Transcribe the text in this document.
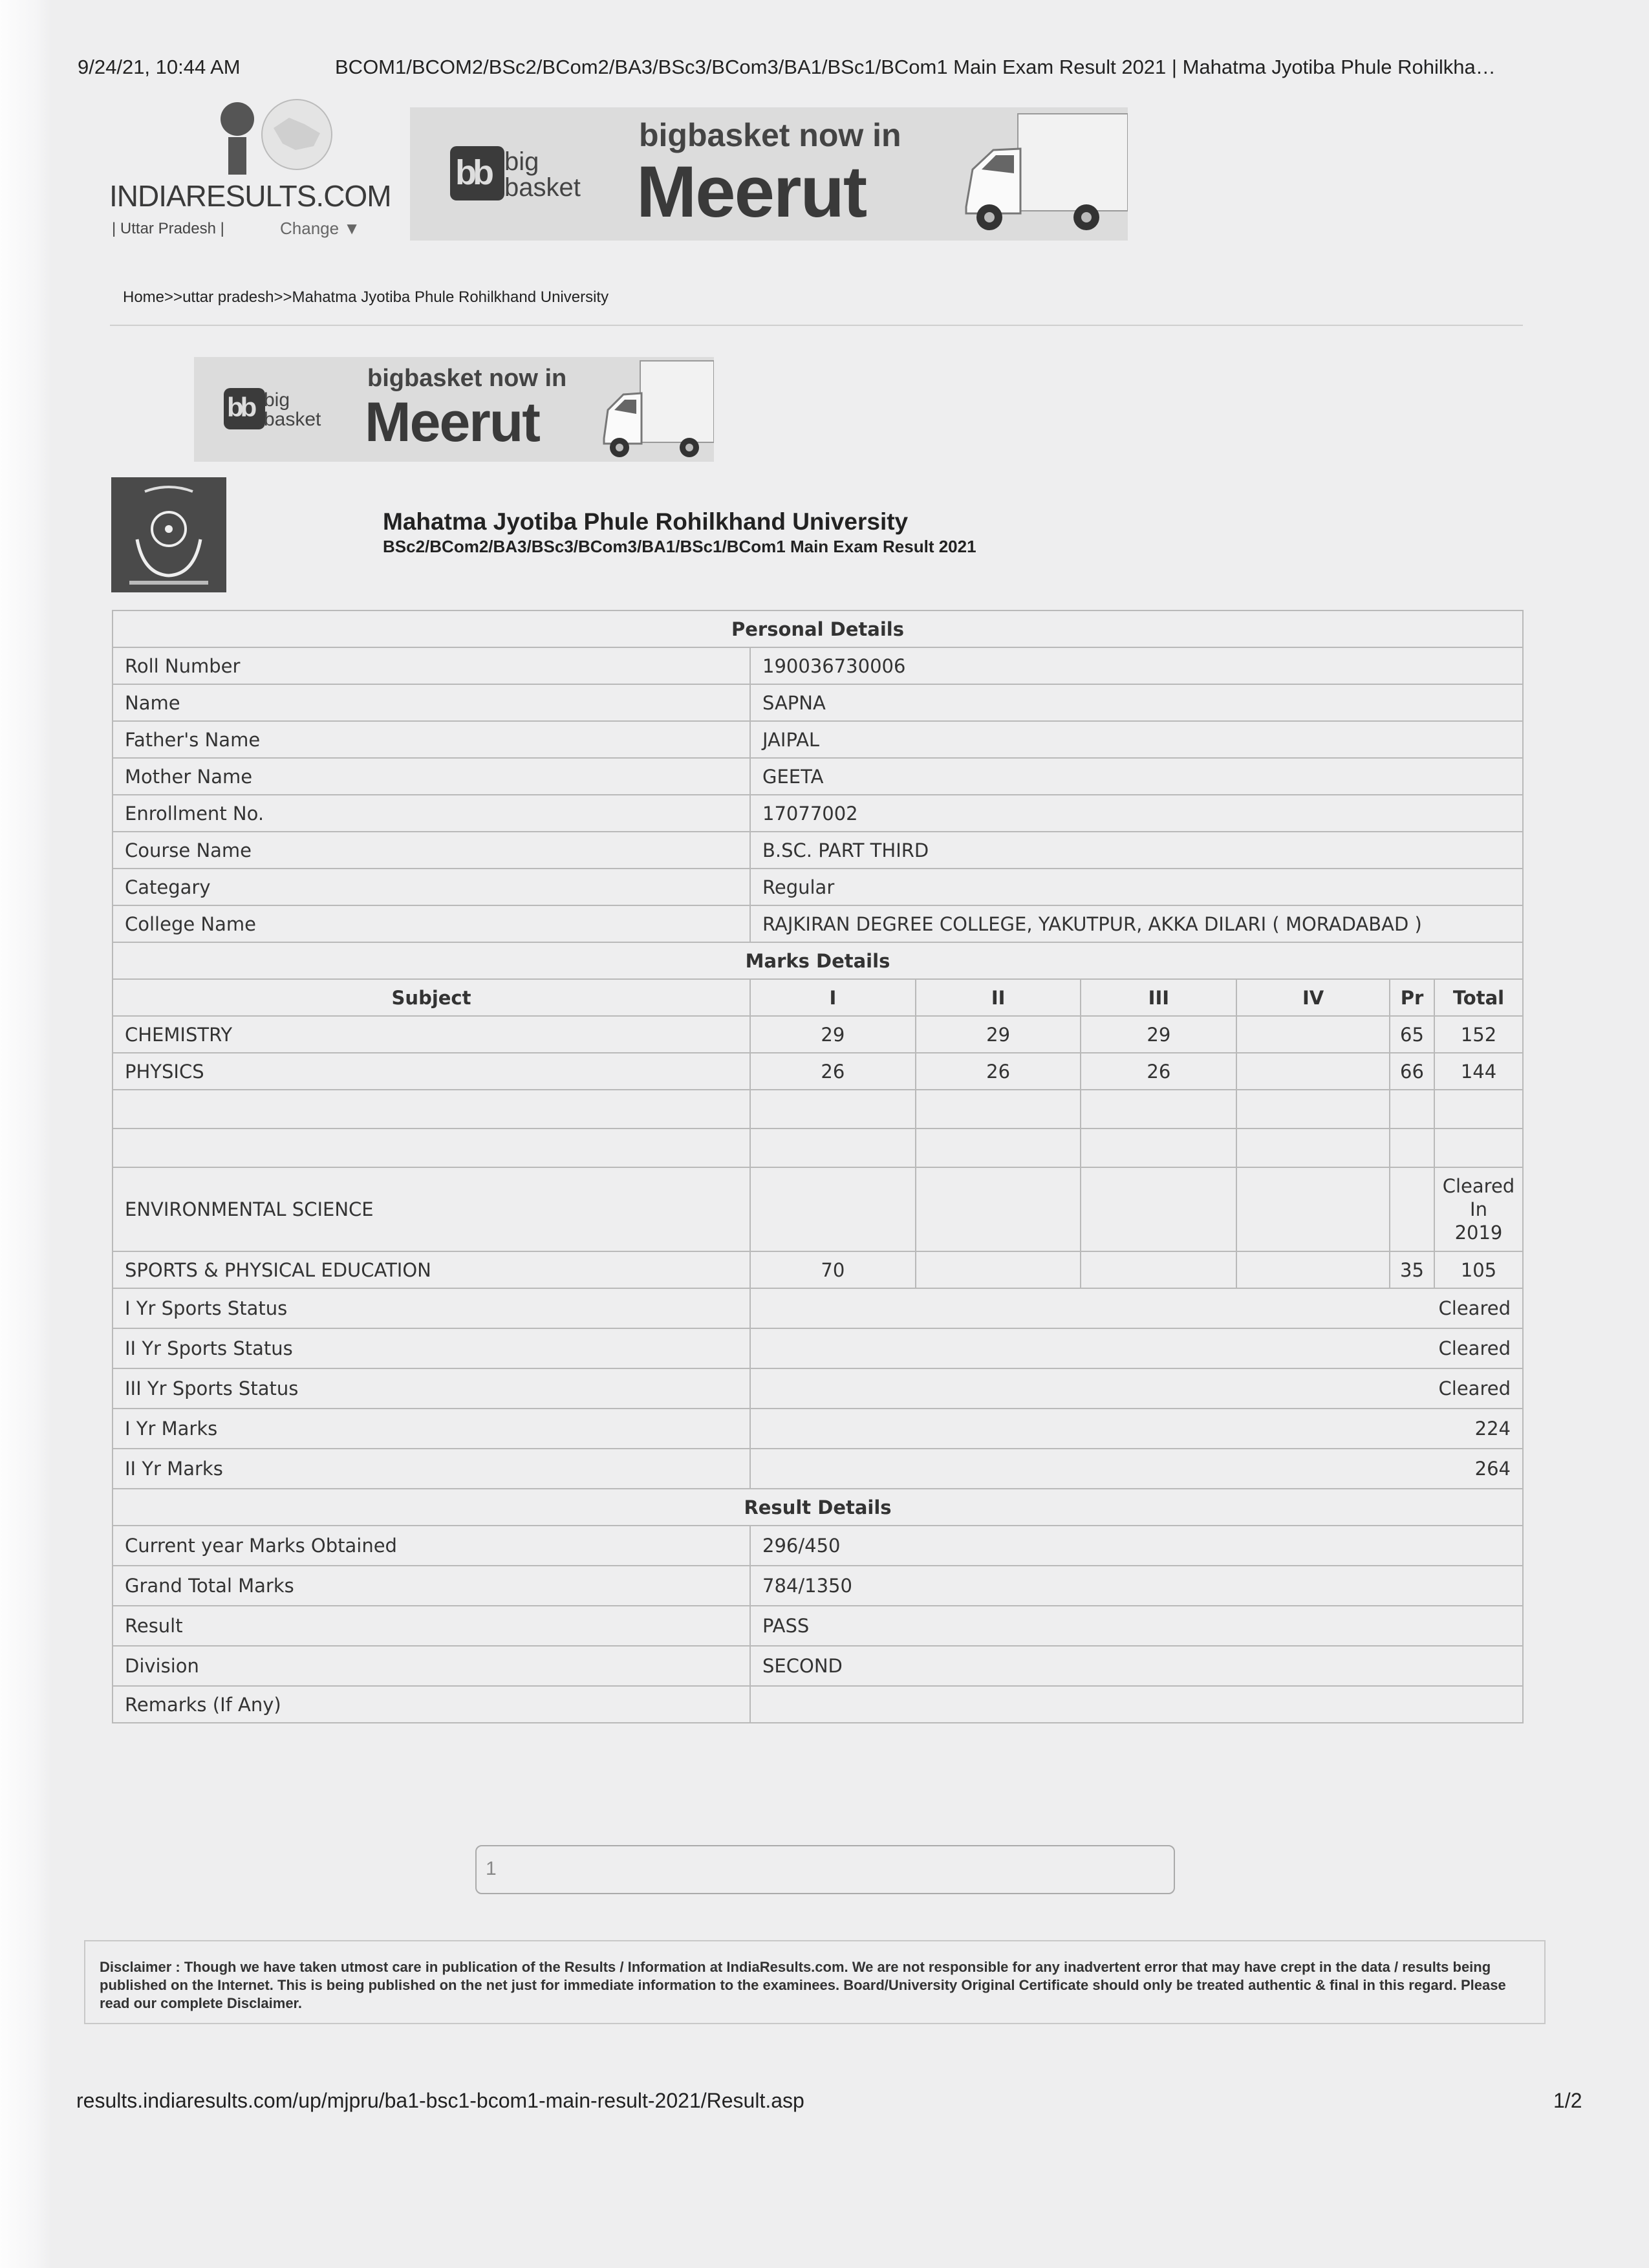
9/24/21, 10:44 AM	BCOM1/BCOM2/BSc2/BCom2/BA3/BSc3/BCom3/BA1/BSc1/BCom1 Main Exam Result 2021 | Mahatma Jyotiba Phule Rohilkha…
INDIARESULTS.COM
| Uttar Pradesh |	Change ▼
bb big
basket
bigbasket now in
Meerut
Home>>uttar pradesh>>Mahatma Jyotiba Phule Rohilkhand University
bb big
basket
bigbasket now in
Meerut
Mahatma Jyotiba Phule Rohilkhand University
BSc2/BCom2/BA3/BSc3/BCom3/BA1/BSc1/BCom1 Main Exam Result 2021
Personal Details						
Roll Number	190036730006					
Name	SAPNA					
Father's Name	JAIPAL					
Mother Name	GEETA					
Enrollment No.	17077002					
Course Name	B.SC. PART THIRD					
Categary	Regular					
College Name	RAJKIRAN DEGREE COLLEGE, YAKUTPUR, AKKA DILARI ( MORADABAD )					
Marks Details						
Subject	I	II	III	IV	Pr	Total
CHEMISTRY	29	29	29		65	152
PHYSICS	26	26	26		66	144

ENVIRONMENTAL SCIENCE						Cleared
In
2019

SPORTS & PHYSICAL EDUCATION	70				35	105
I Yr Sports Status	Cleared					
II Yr Sports Status	Cleared					
III Yr Sports Status	Cleared					
I Yr Marks	224					
II Yr Marks	264					
Result Details						
Current year Marks Obtained	296/450					
Grand Total Marks	784/1350					
Result	PASS					
Division	SECOND					
Remarks (If Any)						
1
Disclaimer : Though we have taken utmost care in publication of the Results / Information at IndiaResults.com. We are not responsible for any inadvertent error that may have crept in the data / results being published on the Internet. This is being published on the net just for immediate information to the examinees. Board/University Original Certificate should only be treated authentic & final in this regard. Please read our complete Disclaimer.
results.indiaresults.com/up/mjpru/ba1-bsc1-bcom1-main-result-2021/Result.asp	1/2
